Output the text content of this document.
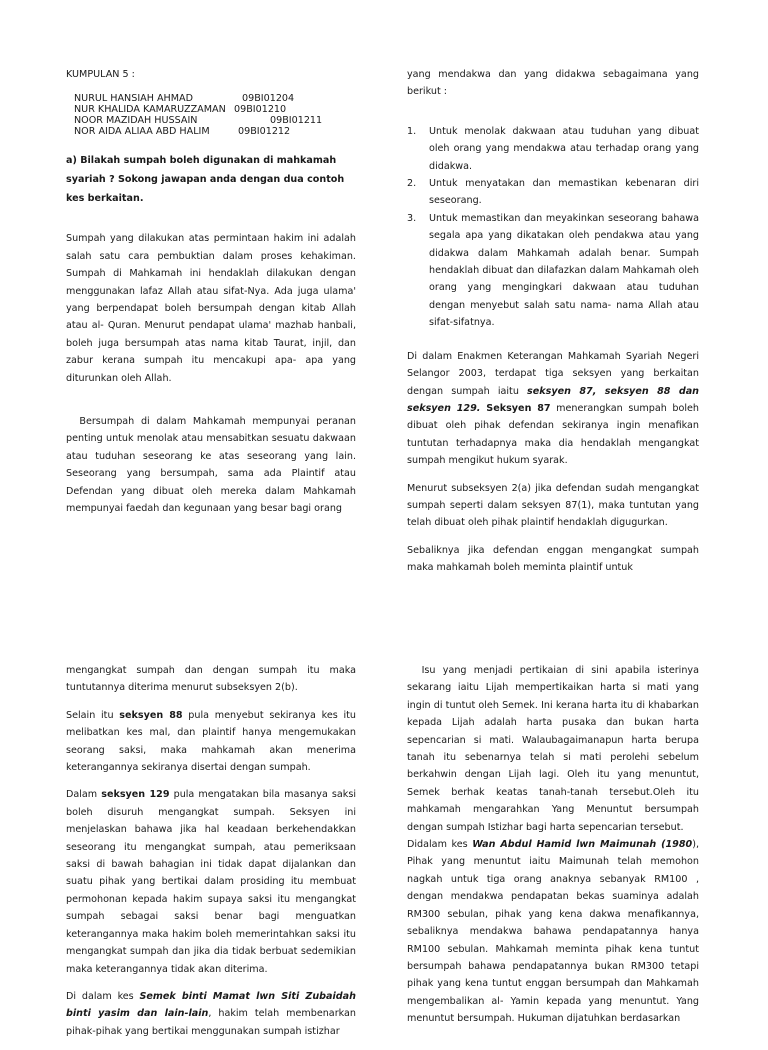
KUMPULAN 5 :
NURUL HANSIAH AHMAD	09BI01204
NUR KHALIDA KAMARUZZAMAN 09BI01210
NOOR MAZIDAH HUSSAIN	09BI01211
NOR AIDA ALIAA ABD HALIM	09BI01212

a) Bilakah sumpah boleh digunakan di mahkamah syariah ? Sokong jawapan anda dengan dua contoh kes berkaitan.

Sumpah yang dilakukan atas permintaan hakim ini adalah salah satu cara pembuktian dalam proses kehakiman. Sumpah di Mahkamah ini hendaklah dilakukan dengan menggunakan lafaz Allah atau sifat-Nya. Ada juga ulama' yang berpendapat boleh bersumpah dengan kitab Allah atau al- Quran. Menurut pendapat ulama' mazhab hanbali, boleh juga bersumpah atas nama kitab Taurat, injil, dan zabur kerana sumpah itu mencakupi apa- apa yang diturunkan oleh Allah.

Bersumpah di dalam Mahkamah mempunyai peranan penting untuk menolak atau mensabitkan sesuatu dakwaan atau tuduhan seseorang ke atas seseorang yang lain. Seseorang yang bersumpah, sama ada Plaintif atau Defendan yang dibuat oleh mereka dalam Mahkamah mempunyai faedah dan kegunaan yang besar bagi orang

yang mendakwa dan yang didakwa sebagaimana yang berikut :

1.	Untuk menolak dakwaan atau tuduhan yang dibuat oleh orang yang mendakwa atau terhadap orang yang didakwa.
2.	Untuk menyatakan dan memastikan kebenaran diri seseorang.
3.	Untuk memastikan dan meyakinkan seseorang bahawa segala apa yang dikatakan oleh pendakwa atau yang didakwa dalam Mahkamah adalah benar. Sumpah hendaklah dibuat dan dilafazkan dalam Mahkamah oleh orang yang mengingkari dakwaan atau tuduhan dengan menyebut salah satu nama- nama Allah atau sifat-sifatnya.

Di dalam Enakmen Keterangan Mahkamah Syariah Negeri Selangor 2003, terdapat tiga seksyen yang berkaitan dengan sumpah iaitu seksyen 87, seksyen 88 dan seksyen 129. Seksyen 87 menerangkan sumpah boleh dibuat oleh pihak defendan sekiranya ingin menafikan tuntutan terhadapnya maka dia hendaklah mengangkat sumpah mengikut hukum syarak.

Menurut subseksyen 2(a) jika defendan sudah mengangkat sumpah seperti dalam seksyen 87(1), maka tuntutan yang telah dibuat oleh pihak plaintif hendaklah digugurkan.

Sebaliknya jika defendan enggan mengangkat sumpah maka mahkamah boleh meminta plaintif untuk

mengangkat sumpah dan dengan sumpah itu maka tuntutannya diterima menurut subseksyen 2(b).

Selain itu seksyen 88 pula menyebut sekiranya kes itu melibatkan kes mal, dan plaintif hanya mengemukakan seorang saksi, maka mahkamah akan menerima keterangannya sekiranya disertai dengan sumpah.

Dalam seksyen 129 pula mengatakan bila masanya saksi boleh disuruh mengangkat sumpah. Seksyen ini menjelaskan bahawa jika hal keadaan berkehendakkan seseorang itu mengangkat sumpah, atau pemeriksaan saksi di bawah bahagian ini tidak dapat dijalankan dan suatu pihak yang bertikai dalam prosiding itu membuat permohonan kepada hakim supaya saksi itu mengangkat sumpah sebagai saksi benar bagi menguatkan keterangannya maka hakim boleh memerintahkan saksi itu mengangkat sumpah dan jika dia tidak berbuat sedemikian maka keterangannya tidak akan diterima.

Di dalam kes Semek binti Mamat lwn Siti Zubaidah binti yasim dan lain-lain, hakim telah membenarkan pihak-pihak yang bertikai menggunakan sumpah istizhar

Isu yang menjadi pertikaian di sini apabila isterinya sekarang iaitu Lijah mempertikaikan harta si mati yang ingin di tuntut oleh Semek. Ini kerana harta itu di khabarkan kepada Lijah adalah harta pusaka dan bukan harta sepencarian si mati. Walaubagaimanapun harta berupa tanah itu sebenarnya telah si mati perolehi sebelum berkahwin dengan Lijah lagi. Oleh itu yang menuntut, Semek berhak keatas tanah-tanah tersebut.Oleh itu mahkamah mengarahkan Yang Menuntut bersumpah dengan sumpah Istizhar bagi harta sepencarian tersebut.

Didalam kes Wan Abdul Hamid lwn Maimunah (1980), Pihak yang menuntut iaitu Maimunah telah memohon nagkah untuk tiga orang anaknya sebanyak RM100 , dengan mendakwa pendapatan bekas suaminya adalah RM300 sebulan, pihak yang kena dakwa menafikannya, sebaliknya mendakwa bahawa pendapatannya hanya RM100 sebulan. Mahkamah meminta pihak kena tuntut bersumpah bahawa pendapatannya bukan RM300 tetapi pihak yang kena tuntut enggan bersumpah dan Mahkamah mengembalikan al- Yamin kepada yang menuntut. Yang menuntut bersumpah. Hukuman dijatuhkan berdasarkan
